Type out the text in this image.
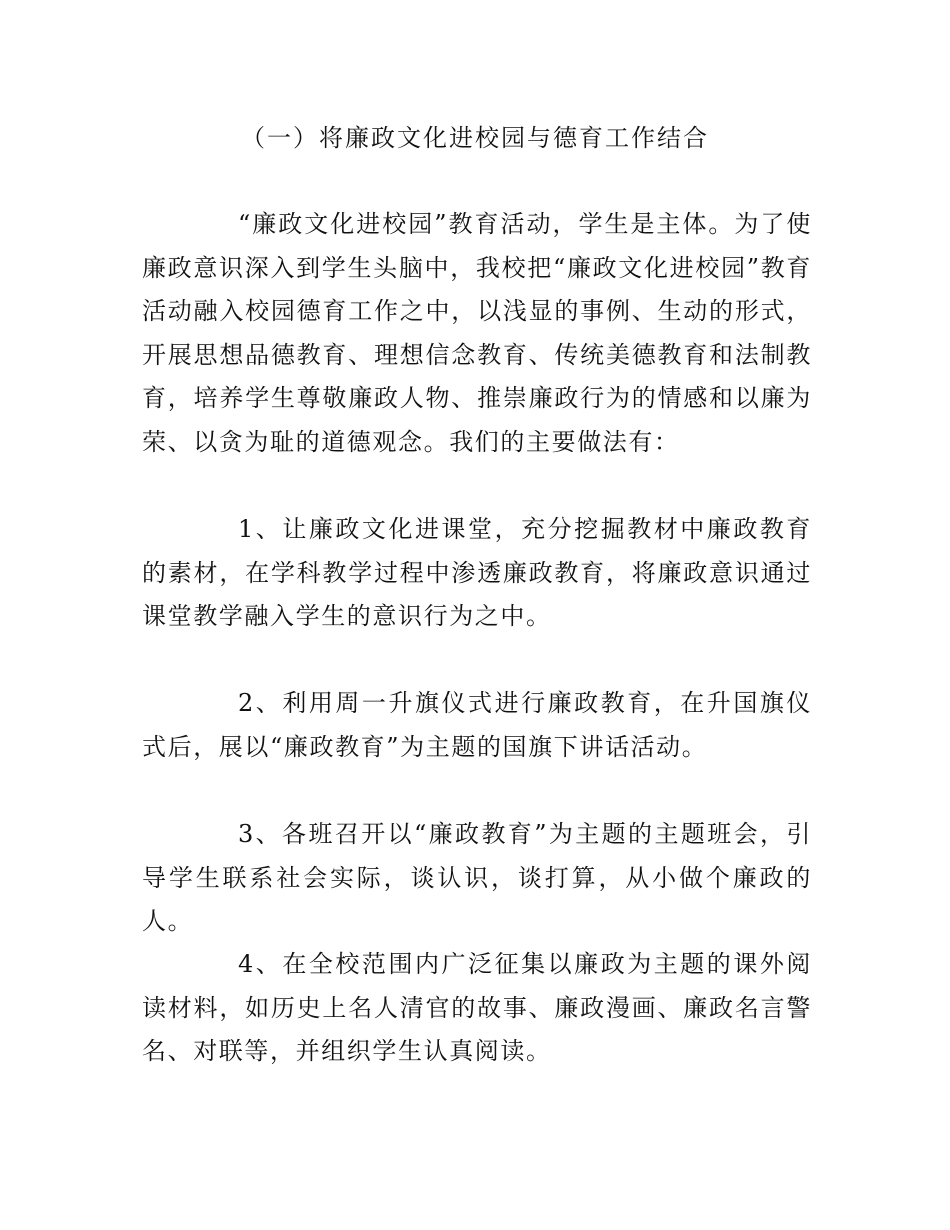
（一）将廉政文化进校园与德育工作结合

“廉政文化进校园”教育活动，学生是主体。为了使廉政意识深入到学生头脑中，我校把“廉政文化进校园”教育活动融入校园德育工作之中，以浅显的事例、生动的形式，开展思想品德教育、理想信念教育、传统美德教育和法制教育，培养学生尊敬廉政人物、推崇廉政行为的情感和以廉为荣、以贪为耻的道德观念。我们的主要做法有：

1、让廉政文化进课堂，充分挖掘教材中廉政教育的素材，在学科教学过程中渗透廉政教育，将廉政意识通过课堂教学融入学生的意识行为之中。

2、利用周一升旗仪式进行廉政教育，在升国旗仪式后，展以“廉政教育”为主题的国旗下讲话活动。

3、各班召开以“廉政教育”为主题的主题班会，引导学生联系社会实际，谈认识，谈打算，从小做个廉政的人。

4、在全校范围内广泛征集以廉政为主题的课外阅读材料，如历史上名人清官的故事、廉政漫画、廉政名言警名、对联等，并组织学生认真阅读。
